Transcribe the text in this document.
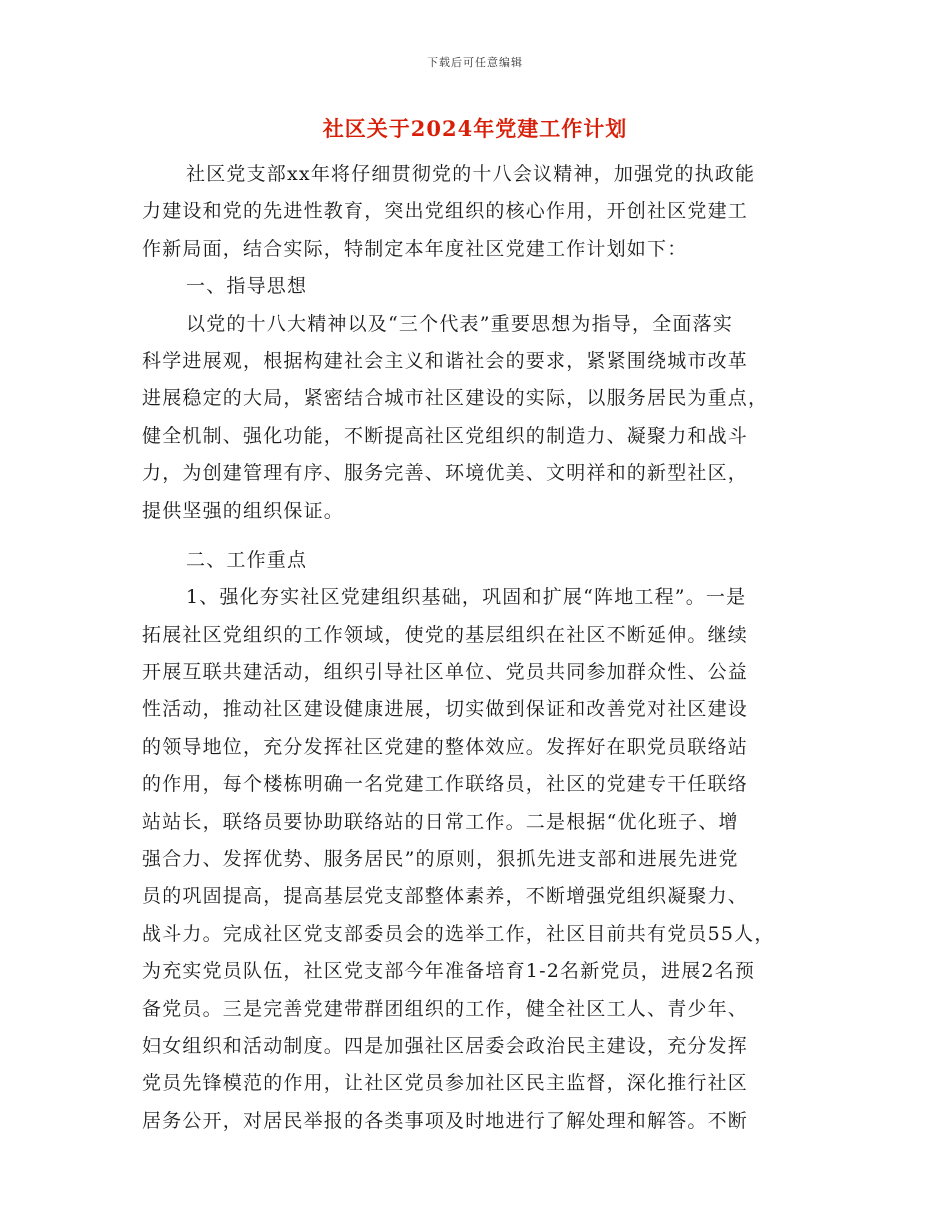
下载后可任意编辑
社区关于2024年党建工作计划
社区党支部xx年将仔细贯彻党的十八会议精神，加强党的执政能
力建设和党的先进性教育，突出党组织的核心作用，开创社区党建工
作新局面，结合实际，特制定本年度社区党建工作计划如下：
一、指导思想
以党的十八大精神以及“三个代表”重要思想为指导，全面落实
科学进展观，根据构建社会主义和谐社会的要求，紧紧围绕城市改革
进展稳定的大局，紧密结合城市社区建设的实际，以服务居民为重点，
健全机制、强化功能，不断提高社区党组织的制造力、凝聚力和战斗
力，为创建管理有序、服务完善、环境优美、文明祥和的新型社区，
提供坚强的组织保证。
二、工作重点
1、强化夯实社区党建组织基础，巩固和扩展“阵地工程”。一是
拓展社区党组织的工作领域，使党的基层组织在社区不断延伸。继续
开展互联共建活动，组织引导社区单位、党员共同参加群众性、公益
性活动，推动社区建设健康进展，切实做到保证和改善党对社区建设
的领导地位，充分发挥社区党建的整体效应。发挥好在职党员联络站
的作用，每个楼栋明确一名党建工作联络员，社区的党建专干任联络
站站长，联络员要协助联络站的日常工作。二是根据“优化班子、增
强合力、发挥优势、服务居民”的原则，狠抓先进支部和进展先进党
员的巩固提高，提高基层党支部整体素养，不断增强党组织凝聚力、
战斗力。完成社区党支部委员会的选举工作，社区目前共有党员55人，
为充实党员队伍，社区党支部今年准备培育1-2名新党员，进展2名预
备党员。三是完善党建带群团组织的工作，健全社区工人、青少年、
妇女组织和活动制度。四是加强社区居委会政治民主建设，充分发挥
党员先锋模范的作用，让社区党员参加社区民主监督，深化推行社区
居务公开，对居民举报的各类事项及时地进行了解处理和解答。不断
